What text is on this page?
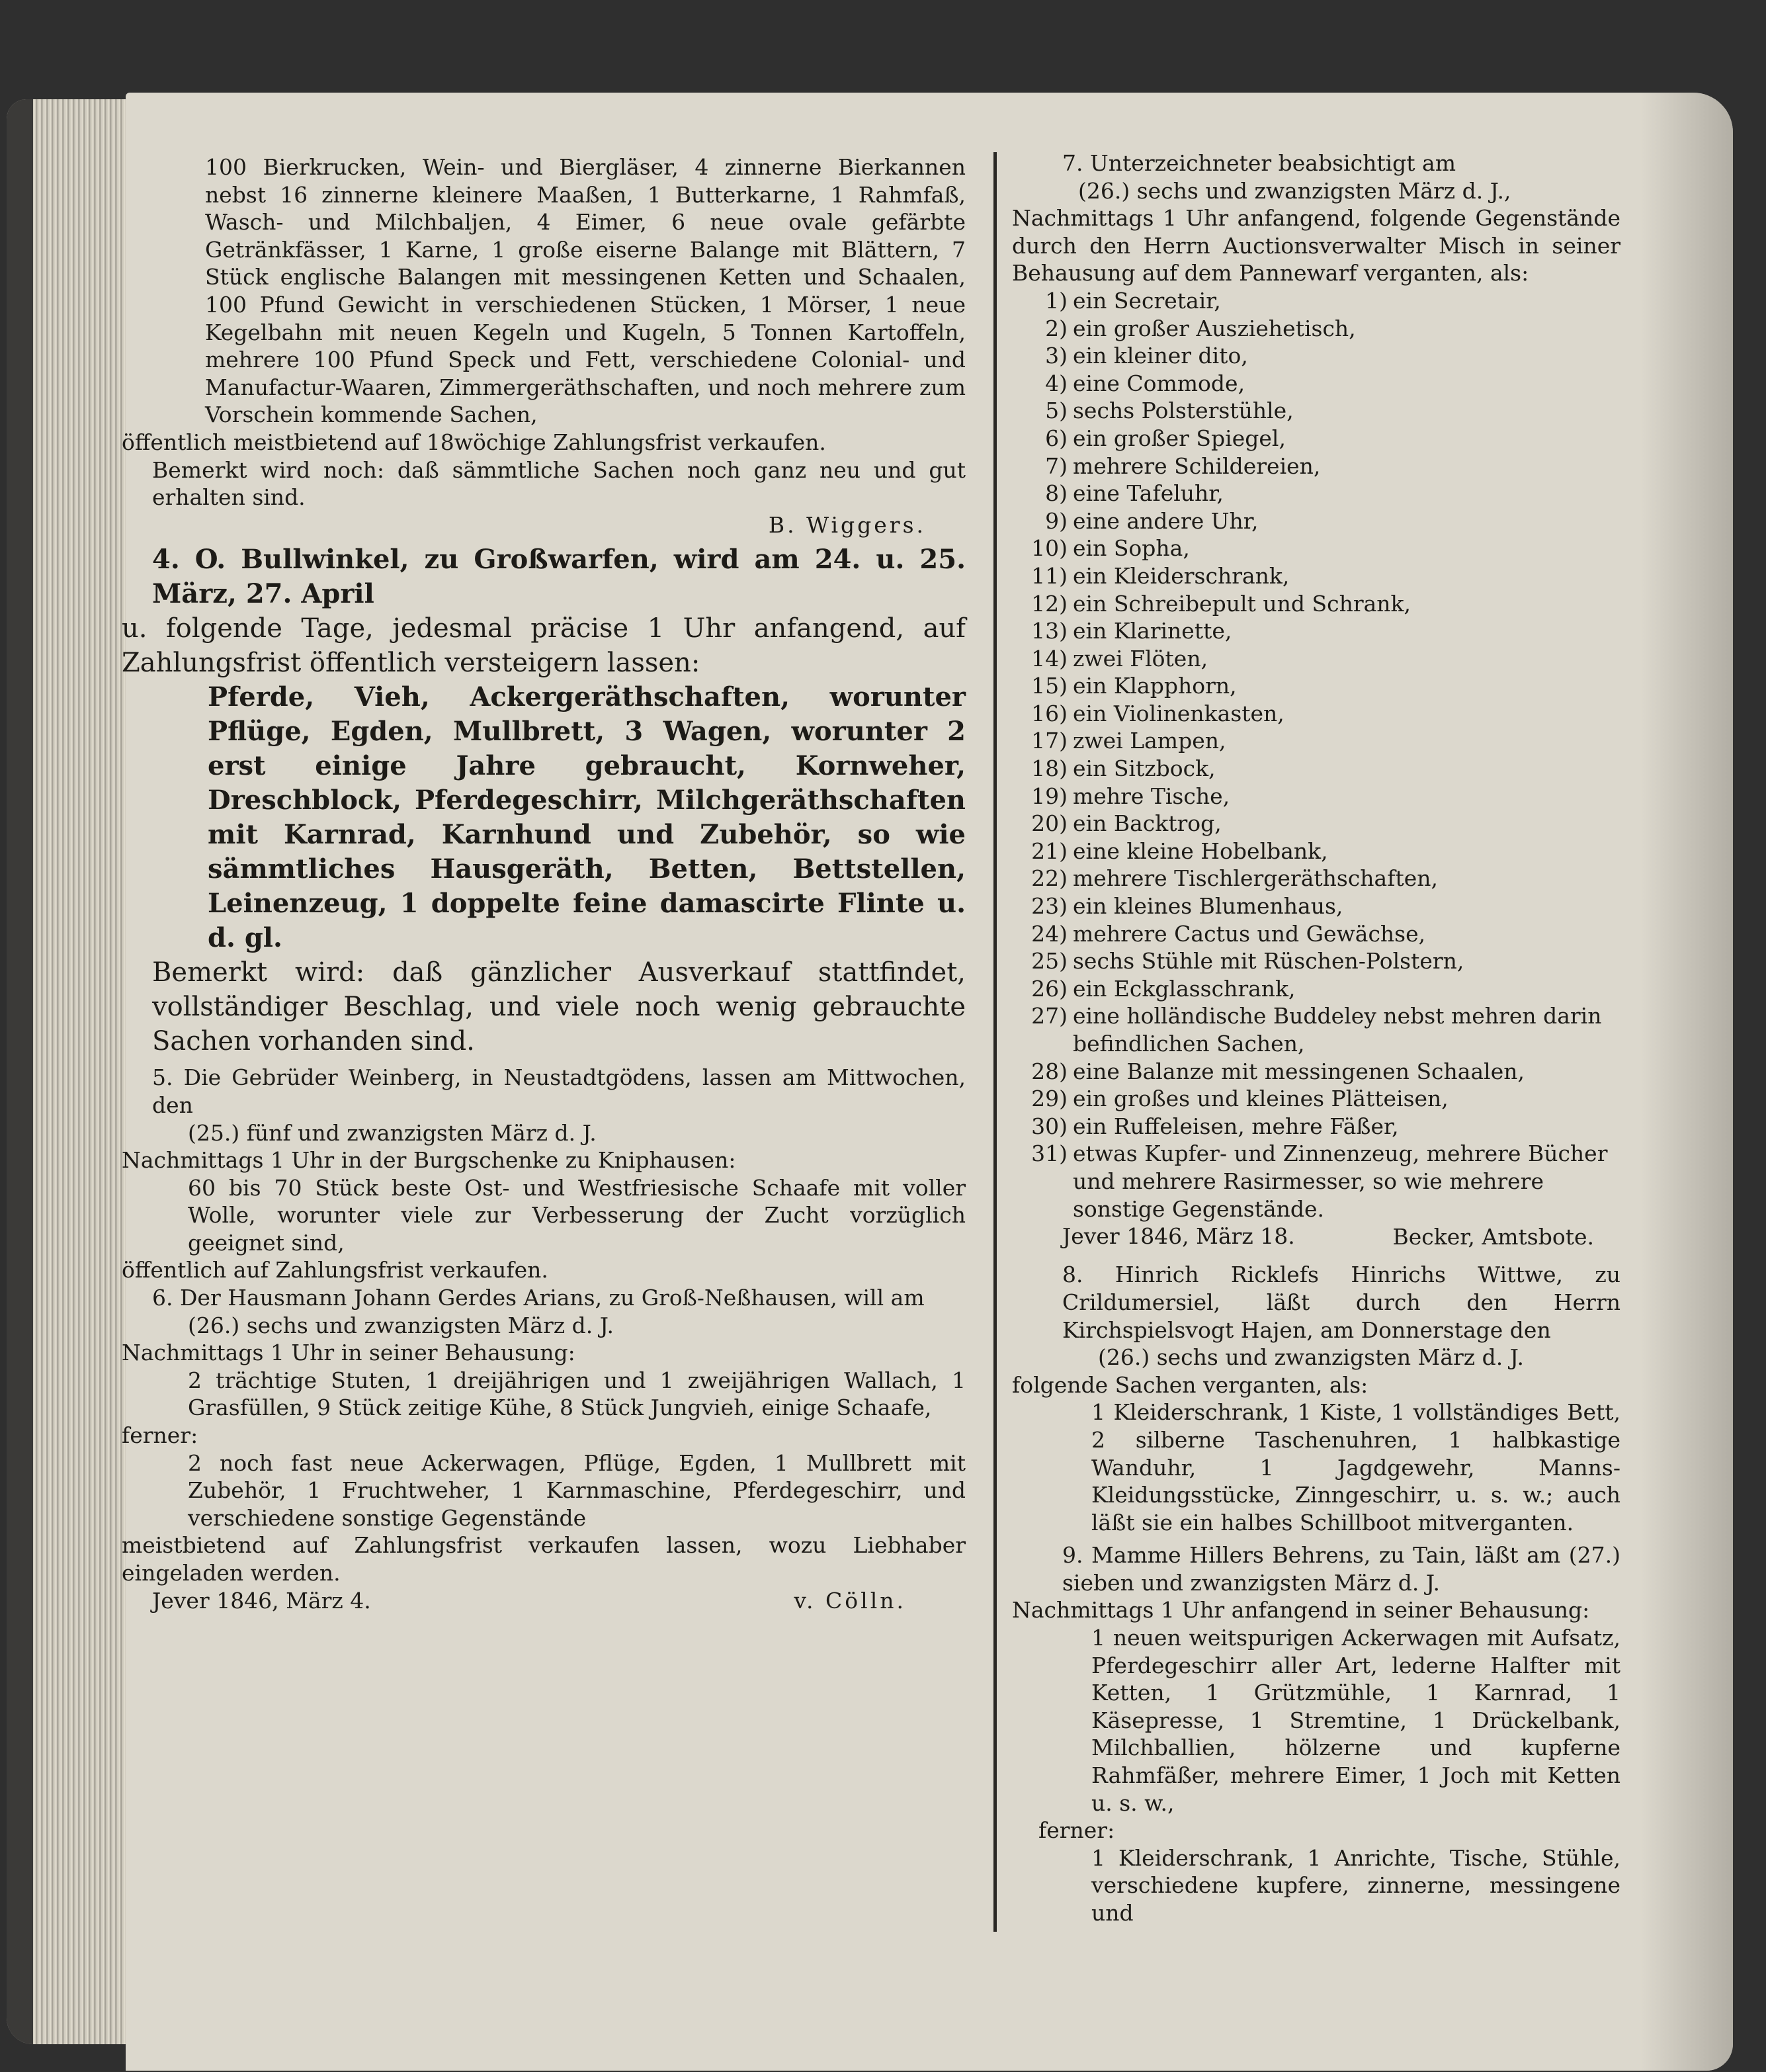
100 Bierkrucken, Wein- und Biergläser, 4 zinnerne Bierkannen nebst 16 zinnerne kleinere Maaßen, 1 Butterkarne, 1 Rahmfaß, Wasch- und Milchbaljen, 4 Eimer, 6 neue ovale gefärbte Getränkfässer, 1 Karne, 1 große eiserne Balange mit Blättern, 7 Stück englische Balangen mit messingenen Ketten und Schaalen, 100 Pfund Gewicht in verschiedenen Stücken, 1 Mörser, 1 neue Kegelbahn mit neuen Kegeln und Kugeln, 5 Tonnen Kartoffeln, mehrere 100 Pfund Speck und Fett, verschiedene Colonial- und Manufactur-Waaren, Zimmergeräthschaften, und noch mehrere zum Vorschein kommende Sachen,

öffentlich meistbietend auf 18wöchige Zahlungsfrist verkaufen.

Bemerkt wird noch: daß sämmtliche Sachen noch ganz neu und gut erhalten sind.

B. Wiggers.

4. O. Bullwinkel, zu Großwarfen, wird am 24. u. 25. März, 27. April

u. folgende Tage, jedesmal präcise 1 Uhr anfangend, auf Zahlungsfrist öffentlich versteigern lassen:

Pferde, Vieh, Ackergeräthschaften, worunter Pflüge, Egden, Mullbrett, 3 Wagen, worunter 2 erst einige Jahre gebraucht, Kornweher, Dreschblock, Pferdegeschirr, Milchgeräthschaften mit Karnrad, Karnhund und Zubehör, so wie sämmtliches Hausgeräth, Betten, Bettstellen, Leinenzeug, 1 doppelte feine damascirte Flinte u. d. gl.

Bemerkt wird: daß gänzlicher Ausverkauf stattfindet, vollständiger Beschlag, und viele noch wenig gebrauchte Sachen vorhanden sind.

5. Die Gebrüder Weinberg, in Neustadtgödens, lassen am Mittwochen, den

(25.) fünf und zwanzigsten März d. J.

Nachmittags 1 Uhr in der Burgschenke zu Kniphausen:

60 bis 70 Stück beste Ost- und Westfriesische Schaafe mit voller Wolle, worunter viele zur Verbesserung der Zucht vorzüglich geeignet sind,

öffentlich auf Zahlungsfrist verkaufen.

6. Der Hausmann Johann Gerdes Arians, zu Groß-Neßhausen, will am

(26.) sechs und zwanzigsten März d. J.

Nachmittags 1 Uhr in seiner Behausung:

2 trächtige Stuten, 1 dreijährigen und 1 zweijährigen Wallach, 1 Grasfüllen, 9 Stück zeitige Kühe, 8 Stück Jungvieh, einige Schaafe,

ferner:

2 noch fast neue Ackerwagen, Pflüge, Egden, 1 Mullbrett mit Zubehör, 1 Fruchtweher, 1 Karnmaschine, Pferdegeschirr, und verschiedene sonstige Gegenstände

meistbietend auf Zahlungsfrist verkaufen lassen, wozu Liebhaber eingeladen werden.

Jever 1846, März 4.	v. Cölln.

7. Unterzeichneter beabsichtigt am

(26.) sechs und zwanzigsten März d. J.,

Nachmittags 1 Uhr anfangend, folgende Gegenstände durch den Herrn Auctionsverwalter Misch in seiner Behausung auf dem Pannewarf verganten, als:

1) ein Secretair,
2) ein großer Ausziehetisch,
3) ein kleiner dito,
4) eine Commode,
5) sechs Polsterstühle,
6) ein großer Spiegel,
7) mehrere Schildereien,
8) eine Tafeluhr,
9) eine andere Uhr,
10) ein Sopha,
11) ein Kleiderschrank,
12) ein Schreibepult und Schrank,
13) ein Klarinette,
14) zwei Flöten,
15) ein Klapphorn,
16) ein Violinenkasten,
17) zwei Lampen,
18) ein Sitzbock,
19) mehre Tische,
20) ein Backtrog,
21) eine kleine Hobelbank,
22) mehrere Tischlergeräthschaften,
23) ein kleines Blumenhaus,
24) mehrere Cactus und Gewächse,
25) sechs Stühle mit Rüschen-Polstern,
26) ein Eckglasschrank,
27) eine holländische Buddeley nebst mehren darin befindlichen Sachen,
28) eine Balanze mit messingenen Schaalen,
29) ein großes und kleines Plätteisen,
30) ein Ruffeleisen, mehre Fäßer,
31) etwas Kupfer- und Zinnenzeug, mehrere Bücher und mehrere Rasirmesser, so wie mehrere sonstige Gegenstände.

Jever 1846, März 18.	Becker, Amtsbote.

8. Hinrich Ricklefs Hinrichs Wittwe, zu Crildumersiel, läßt durch den Herrn Kirchspielsvogt Hajen, am Donnerstage den

(26.) sechs und zwanzigsten März d. J.

folgende Sachen verganten, als:

1 Kleiderschrank, 1 Kiste, 1 vollständiges Bett, 2 silberne Taschenuhren, 1 halbkastige Wanduhr, 1 Jagdgewehr, Manns-Kleidungsstücke, Zinngeschirr, u. s. w.; auch läßt sie ein halbes Schillboot mitverganten.

9. Mamme Hillers Behrens, zu Tain, läßt am (27.) sieben und zwanzigsten März d. J.

Nachmittags 1 Uhr anfangend in seiner Behausung:

1 neuen weitspurigen Ackerwagen mit Aufsatz, Pferdegeschirr aller Art, lederne Halfter mit Ketten, 1 Grützmühle, 1 Karnrad, 1 Käsepresse, 1 Stremtine, 1 Drückelbank, Milchballien, hölzerne und kupferne Rahmfäßer, mehrere Eimer, 1 Joch mit Ketten u. s. w.,

ferner:

1 Kleiderschrank, 1 Anrichte, Tische, Stühle, verschiedene kupfere, zinnerne, messingene und
